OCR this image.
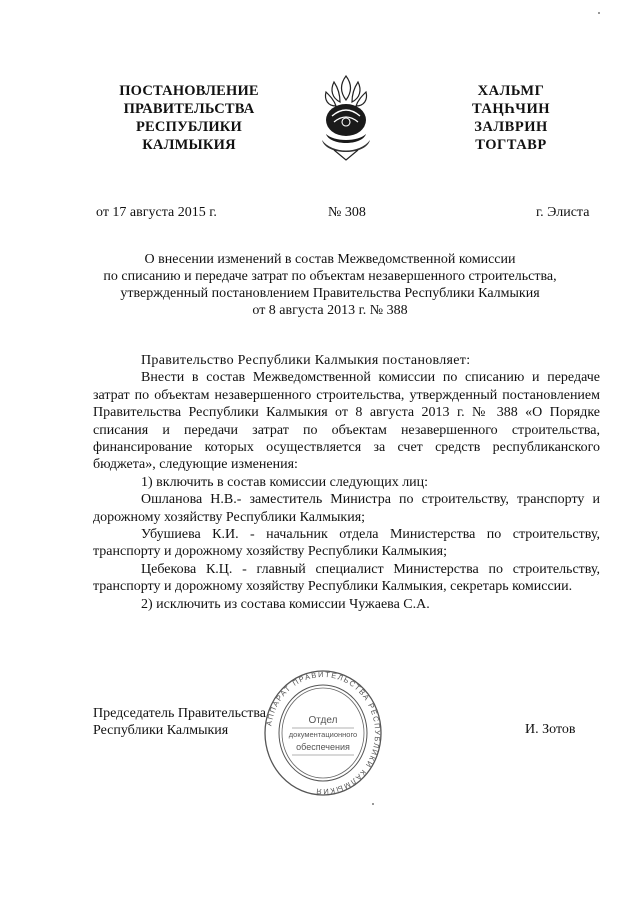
ПОСТАНОВЛЕНИЕ
ПРАВИТЕЛЬСТВА
РЕСПУБЛИКИ
КАЛМЫКИЯ
ХАЛЬМГ
ТАҢҺЧИН
ЗАЛВРИН
ТОГТАВР
от 17 августа 2015 г.	№ 308	г. Элиста
О внесении изменений в состав Межведомственной комиссии
по списанию и передаче затрат по объектам незавершенного строительства,
утвержденный постановлением Правительства Республики Калмыкия
от 8 августа 2013 г. № 388

Правительство Республики Калмыкия постановляет:

Внести в состав Межведомственной комиссии по списанию и передаче затрат по объектам незавершенного строительства, утвержденный постановлением Правительства Республики Калмыкия от 8 августа 2013 г. № 388 «О Порядке списания и передачи затрат по объектам незавершенного строительства, финансирование которых осуществляется за счет средств республиканского бюджета», следующие изменения:

1) включить в состав комиссии следующих лиц:

Ошланова Н.В.- заместитель Министра по строительству, транспорту и дорожному хозяйству Республики Калмыкия;

Убушиева К.И. - начальник отдела Министерства по строительству, транспорту и дорожному хозяйству Республики Калмыкия;

Цебекова К.Ц. - главный специалист Министерства по строительству, транспорту и дорожному хозяйству Республики Калмыкия, секретарь комиссии.

2) исключить из состава комиссии Чужаева С.А.

Председатель Правительства
Республики Калмыкия	И. Зотов
АППАРАТ ПРАВИТЕЛЬСТВА РЕСПУБЛИКИ КАЛМЫКИЯ
Отдел
документационного
обеспечения
